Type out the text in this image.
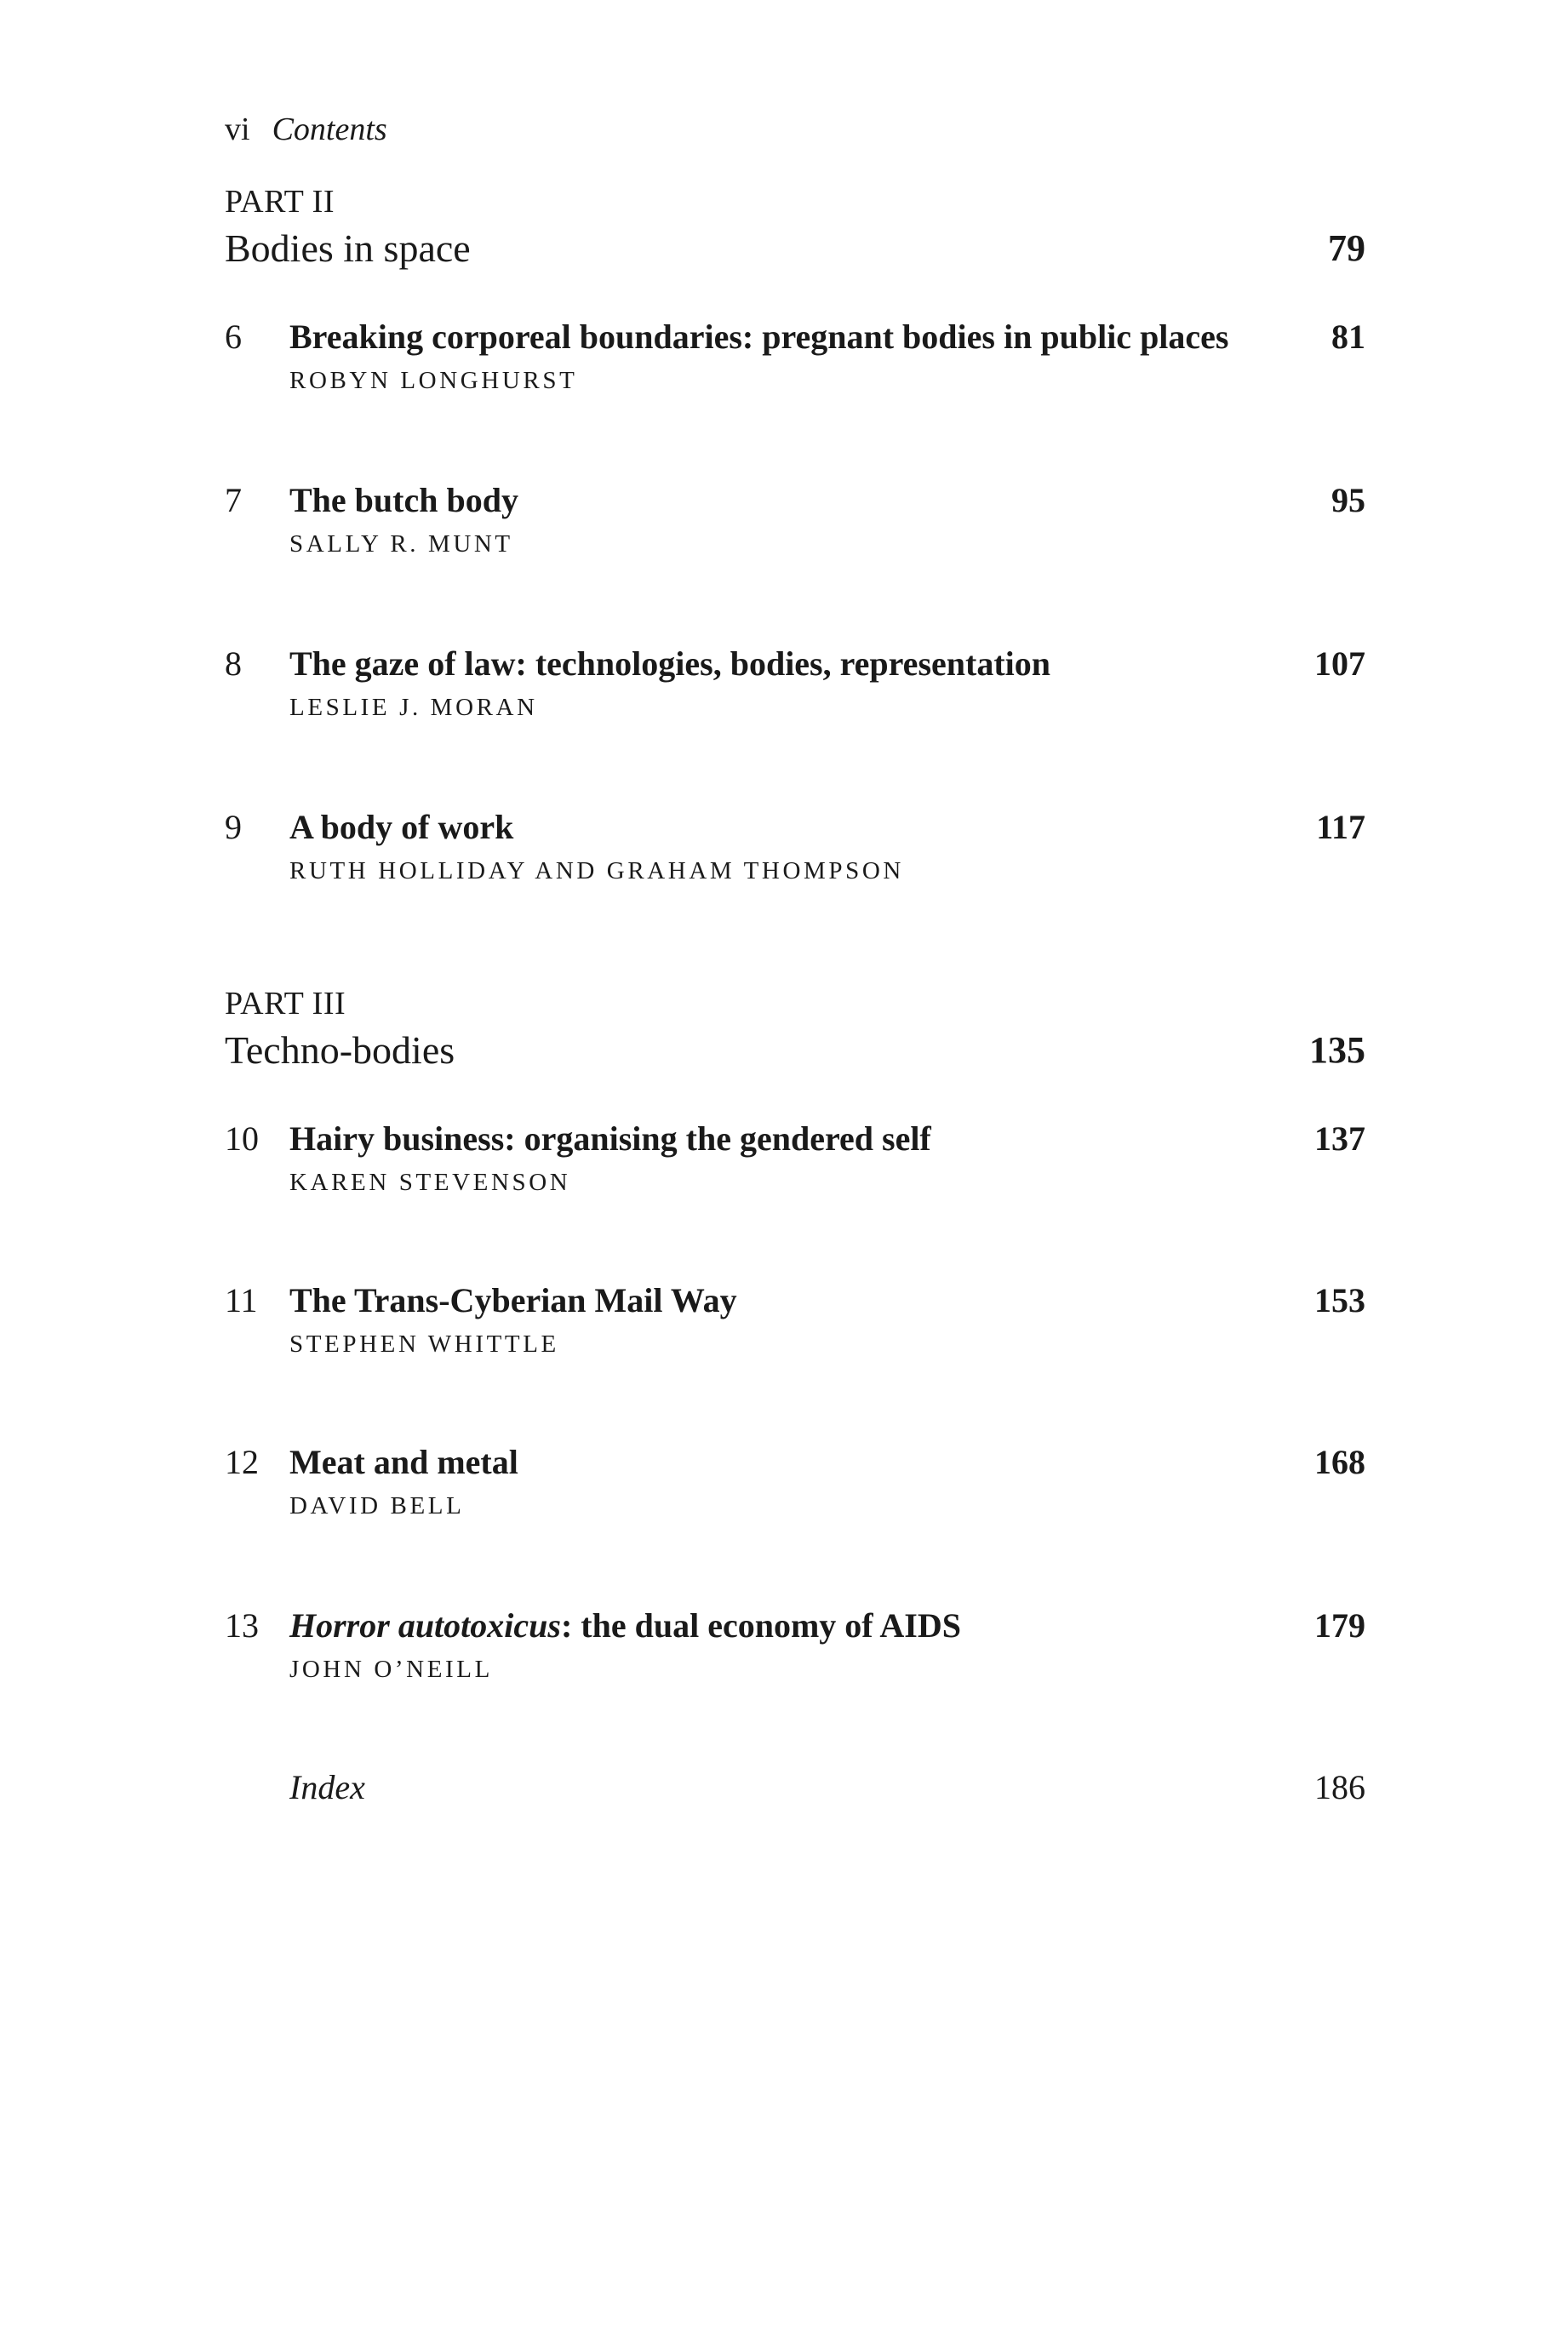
vi Contents
PART II
Bodies in space	79
6 Breaking corporeal boundaries: pregnant bodies in public places	81
ROBYN LONGHURST
7 The butch body	95
SALLY R. MUNT
8 The gaze of law: technologies, bodies, representation	107
LESLIE J. MORAN
9 A body of work	117
RUTH HOLLIDAY AND GRAHAM THOMPSON
PART III
Techno-bodies	135
10 Hairy business: organising the gendered self	137
KAREN STEVENSON
11 The Trans-Cyberian Mail Way	153
STEPHEN WHITTLE
12 Meat and metal	168
DAVID BELL
13 Horror autotoxicus: the dual economy of AIDS	179
JOHN O’NEILL
Index	186
